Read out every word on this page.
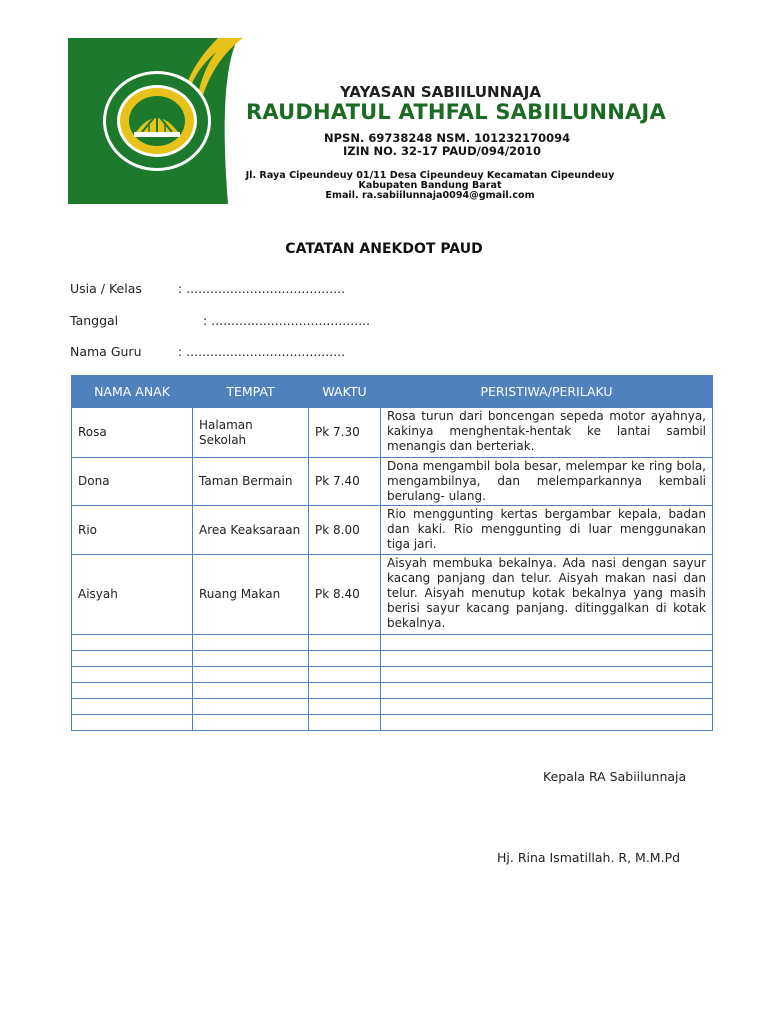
YAYASAN SABIILUNNAJA
RAUDHATUL ATHFAL SABIILUNNAJA
NPSN. 69738248 NSM. 101232170094
IZIN NO. 32-17 PAUD/094/2010
Jl. Raya Cipeundeuy 01/11 Desa Cipeundeuy Kecamatan Cipeundeuy
Kabupaten Bandung Barat
Email. ra.sabiilunnaja0094@gmail.com
CATATAN ANEKDOT PAUD
Usia / Kelas	: ........................................
Tanggal	: ........................................
Nama Guru	: ........................................
NAMA ANAK	TEMPAT	WAKTU	PERISTIWA/PERILAKU
Rosa	Halaman Sekolah	Pk 7.30	Rosa turun dari boncengan sepeda motor ayahnya, kakinya menghentak-hentak ke lantai sambil menangis dan berteriak.
Dona	Taman Bermain	Pk 7.40	Dona mengambil bola besar, melempar ke ring bola, mengambilnya, dan melemparkannya kembali berulang- ulang.
Rio	Area Keaksaraan	Pk 8.00	Rio menggunting kertas bergambar kepala, badan dan kaki. Rio menggunting di luar menggunakan tiga jari.
Aisyah	Ruang Makan	Pk 8.40	Aisyah membuka bekalnya. Ada nasi dengan sayur kacang panjang dan telur. Aisyah makan nasi dan telur. Aisyah menutup kotak bekalnya yang masih berisi sayur kacang panjang. ditinggalkan di kotak bekalnya.

Kepala RA Sabiilunnaja
Hj. Rina Ismatillah. R, M.M.Pd
